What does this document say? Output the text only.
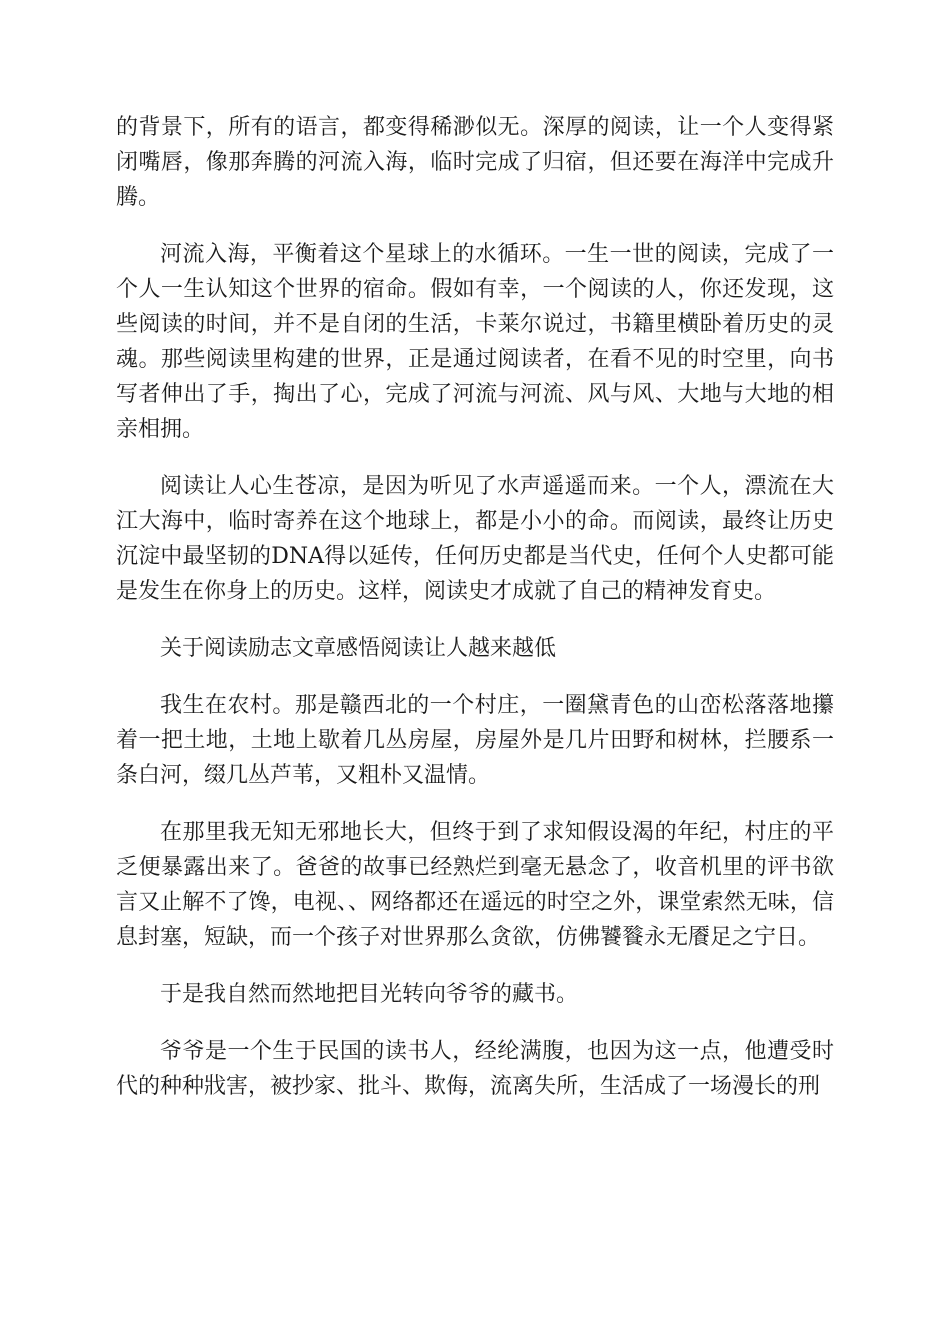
的背景下，所有的语言，都变得稀渺似无。深厚的阅读，让一个人变得紧闭嘴唇，像那奔腾的河流入海，临时完成了归宿，但还要在海洋中完成升腾。

河流入海，平衡着这个星球上的水循环。一生一世的阅读，完成了一个人一生认知这个世界的宿命。假如有幸，一个阅读的人，你还发现，这些阅读的时间，并不是自闭的生活，卡莱尔说过，书籍里横卧着历史的灵魂。那些阅读里构建的世界，正是通过阅读者，在看不见的时空里，向书写者伸出了手，掏出了心，完成了河流与河流、风与风、大地与大地的相亲相拥。

阅读让人心生苍凉，是因为听见了水声遥遥而来。一个人，漂流在大江大海中，临时寄养在这个地球上，都是小小的命。而阅读，最终让历史沉淀中最坚韧的DNA得以延传，任何历史都是当代史，任何个人史都可能是发生在你身上的历史。这样，阅读史才成就了自己的精神发育史。

关于阅读励志文章感悟阅读让人越来越低

我生在农村。那是赣西北的一个村庄，一圈黛青色的山峦松落落地攥着一把土地，土地上歇着几丛房屋，房屋外是几片田野和树林，拦腰系一条白河，缀几丛芦苇，又粗朴又温情。

在那里我无知无邪地长大，但终于到了求知假设渴的年纪，村庄的平乏便暴露出来了。爸爸的故事已经熟烂到毫无悬念了，收音机里的评书欲言又止解不了馋，电视、、网络都还在遥远的时空之外，课堂索然无味，信息封塞，短缺，而一个孩子对世界那么贪欲，仿佛饕餮永无餍足之宁日。

于是我自然而然地把目光转向爷爷的藏书。

爷爷是一个生于民国的读书人，经纶满腹，也因为这一点，他遭受时代的种种戕害，被抄家、批斗、欺侮，流离失所，生活成了一场漫长的刑
